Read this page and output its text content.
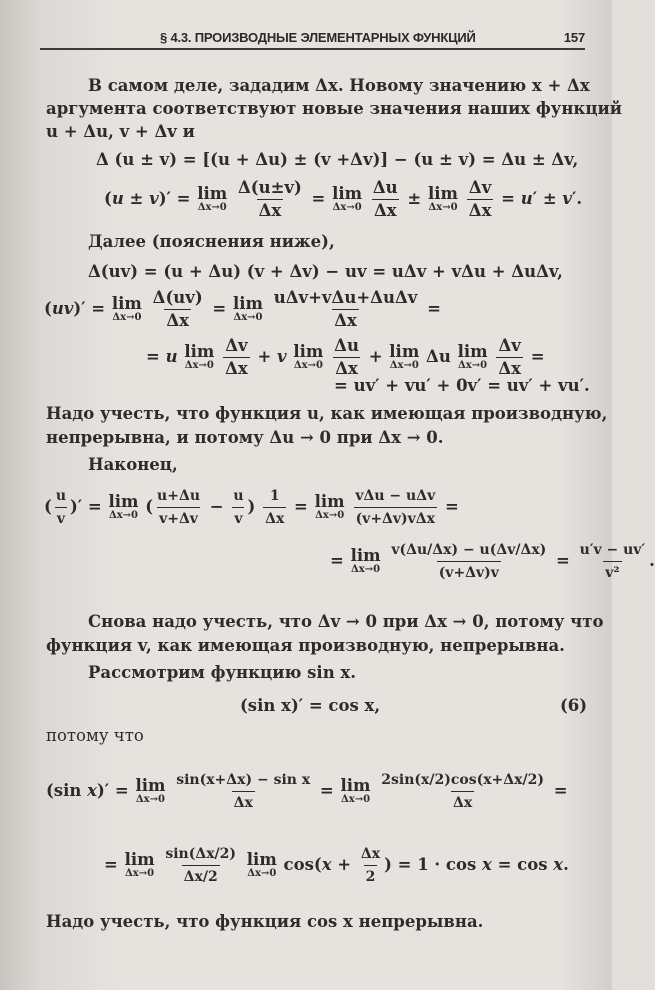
§ 4.3. ПРОИЗВОДНЫЕ ЭЛЕМЕНТАРНЫХ ФУНКЦИЙ	157
В самом деле, зададим Δx. Новому значению x + Δx
аргумента соответствуют новые значения наших функций
u + Δu, v + Δv и
Δ (u ± v) = [(u + Δu) ± (v +Δv)] − (u ± v) = Δu ± Δv,
(u ± v)′ = lim
Δx→0
$\frac{\Delta(u\pm v)}{\Delta x} = \lim$
Δx→0
$\frac{\Delta u}{\Delta x} \pm \lim$
Δx→0
$\frac{\Delta v}{\Delta x} = u' \pm v'$.
Далее (пояснения ниже),
Δ(uv) = (u + Δu) (v + Δv) − uv = uΔv + vΔu + ΔuΔv,
(uv)′ = lim
Δx→0
$\frac{\Delta(uv)}{\Delta x} = \lim$
Δx→0
$\frac{\text{uΔv+vΔu+ΔuΔv}}{\Delta x}$ =
= u lim
Δx→0
$\frac{\Delta v}{\Delta x} + v$ lim
Δx→0
$\frac{\Delta u}{\Delta x} + \lim$
Δx→0 Δu lim
Δx→0
$\frac{\Delta v}{\Delta x}$ =
= uv′ + vu′ + 0v′ = uv′ + vu′.
Надо учесть, что функция u, как имеющая производную,
непрерывна, и потому Δu → 0 при Δx → 0.
Наконец,
( $\frac{u}{v}$ )′ = lim
Δx→0 ( $\frac{u+\Delta u}{v+\Delta v} - \frac{u}{v}$ ) $\frac{1}{\Delta x} = \lim$
Δx→0
$\frac{\text{vΔu − uΔv}}{\text{(v+Δv)vΔx}}$ =
= lim
Δx→0
$\frac{v(\Delta u/\Delta x) - u(\Delta v/\Delta x)}{(v+\Delta v)v} = \frac{u'v - uv'}{\text{v²}}$ .
Снова надо учесть, что Δv → 0 при Δx → 0, потому что
функция v, как имеющая производную, непрерывна.
Рассмотрим функцию sin x.
(sin x)′ = cos x,	(6)
потому что
(sin x)′ = lim
Δx→0
$\frac{\text{sin(x+Δx) − sin x}}{\Delta x} = \lim$
Δx→0
$\frac{2\sin(x/2)\cos(x+\Delta x/2)}{\Delta x}$ =
= lim
Δx→0
$\frac{\sin(\Delta x/2)}{\Delta x/2}$
lim
Δx→0 $\cos(x + \frac{\Delta x}{2}$ ) = 1 · cos x = cos x.
Надо учесть, что функция cos x непрерывна.
